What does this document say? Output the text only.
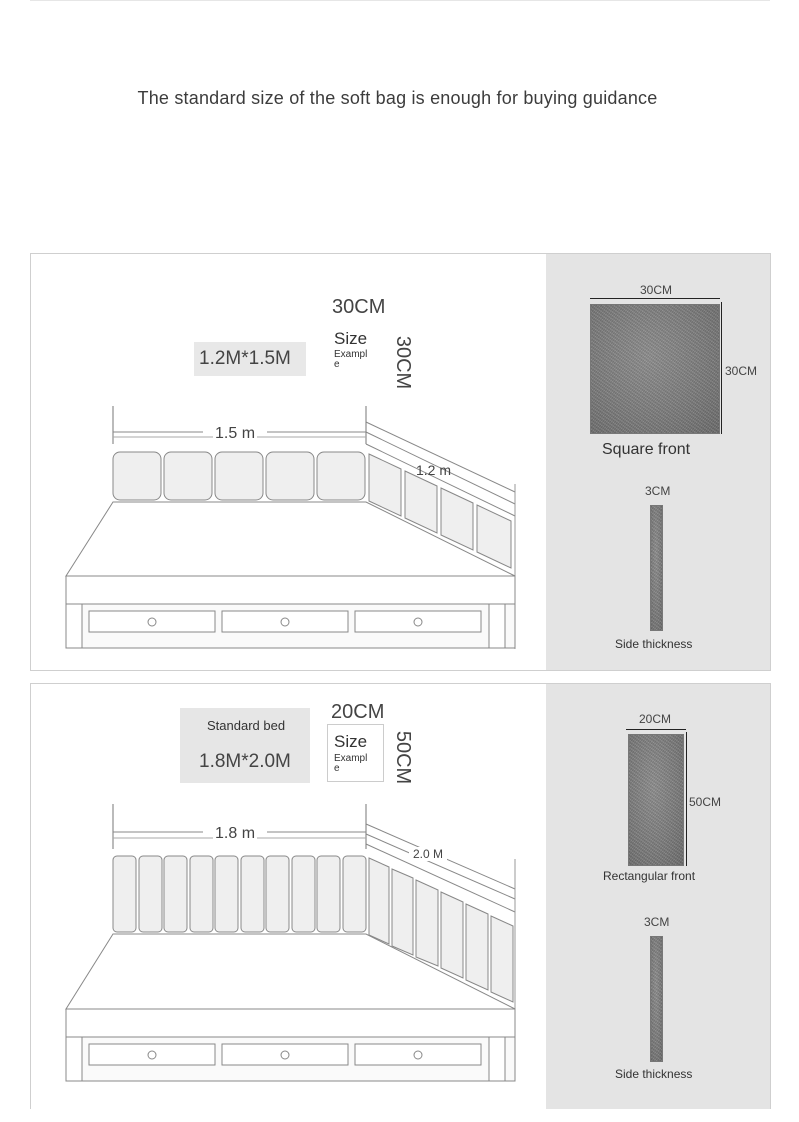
The standard size of the soft bag is enough for buying guidance
1.2M*1.5M
30CM
Size
Exampl e	30CM
1.5 m
1.2 m
30CM
30CM
Square front
3CM
Side thickness
Standard bed
1.8M*2.0M
20CM
Size
Exampl e	50CM
1.8 m
2.0 M
20CM
50CM
Rectangular front
3CM
Side thickness
